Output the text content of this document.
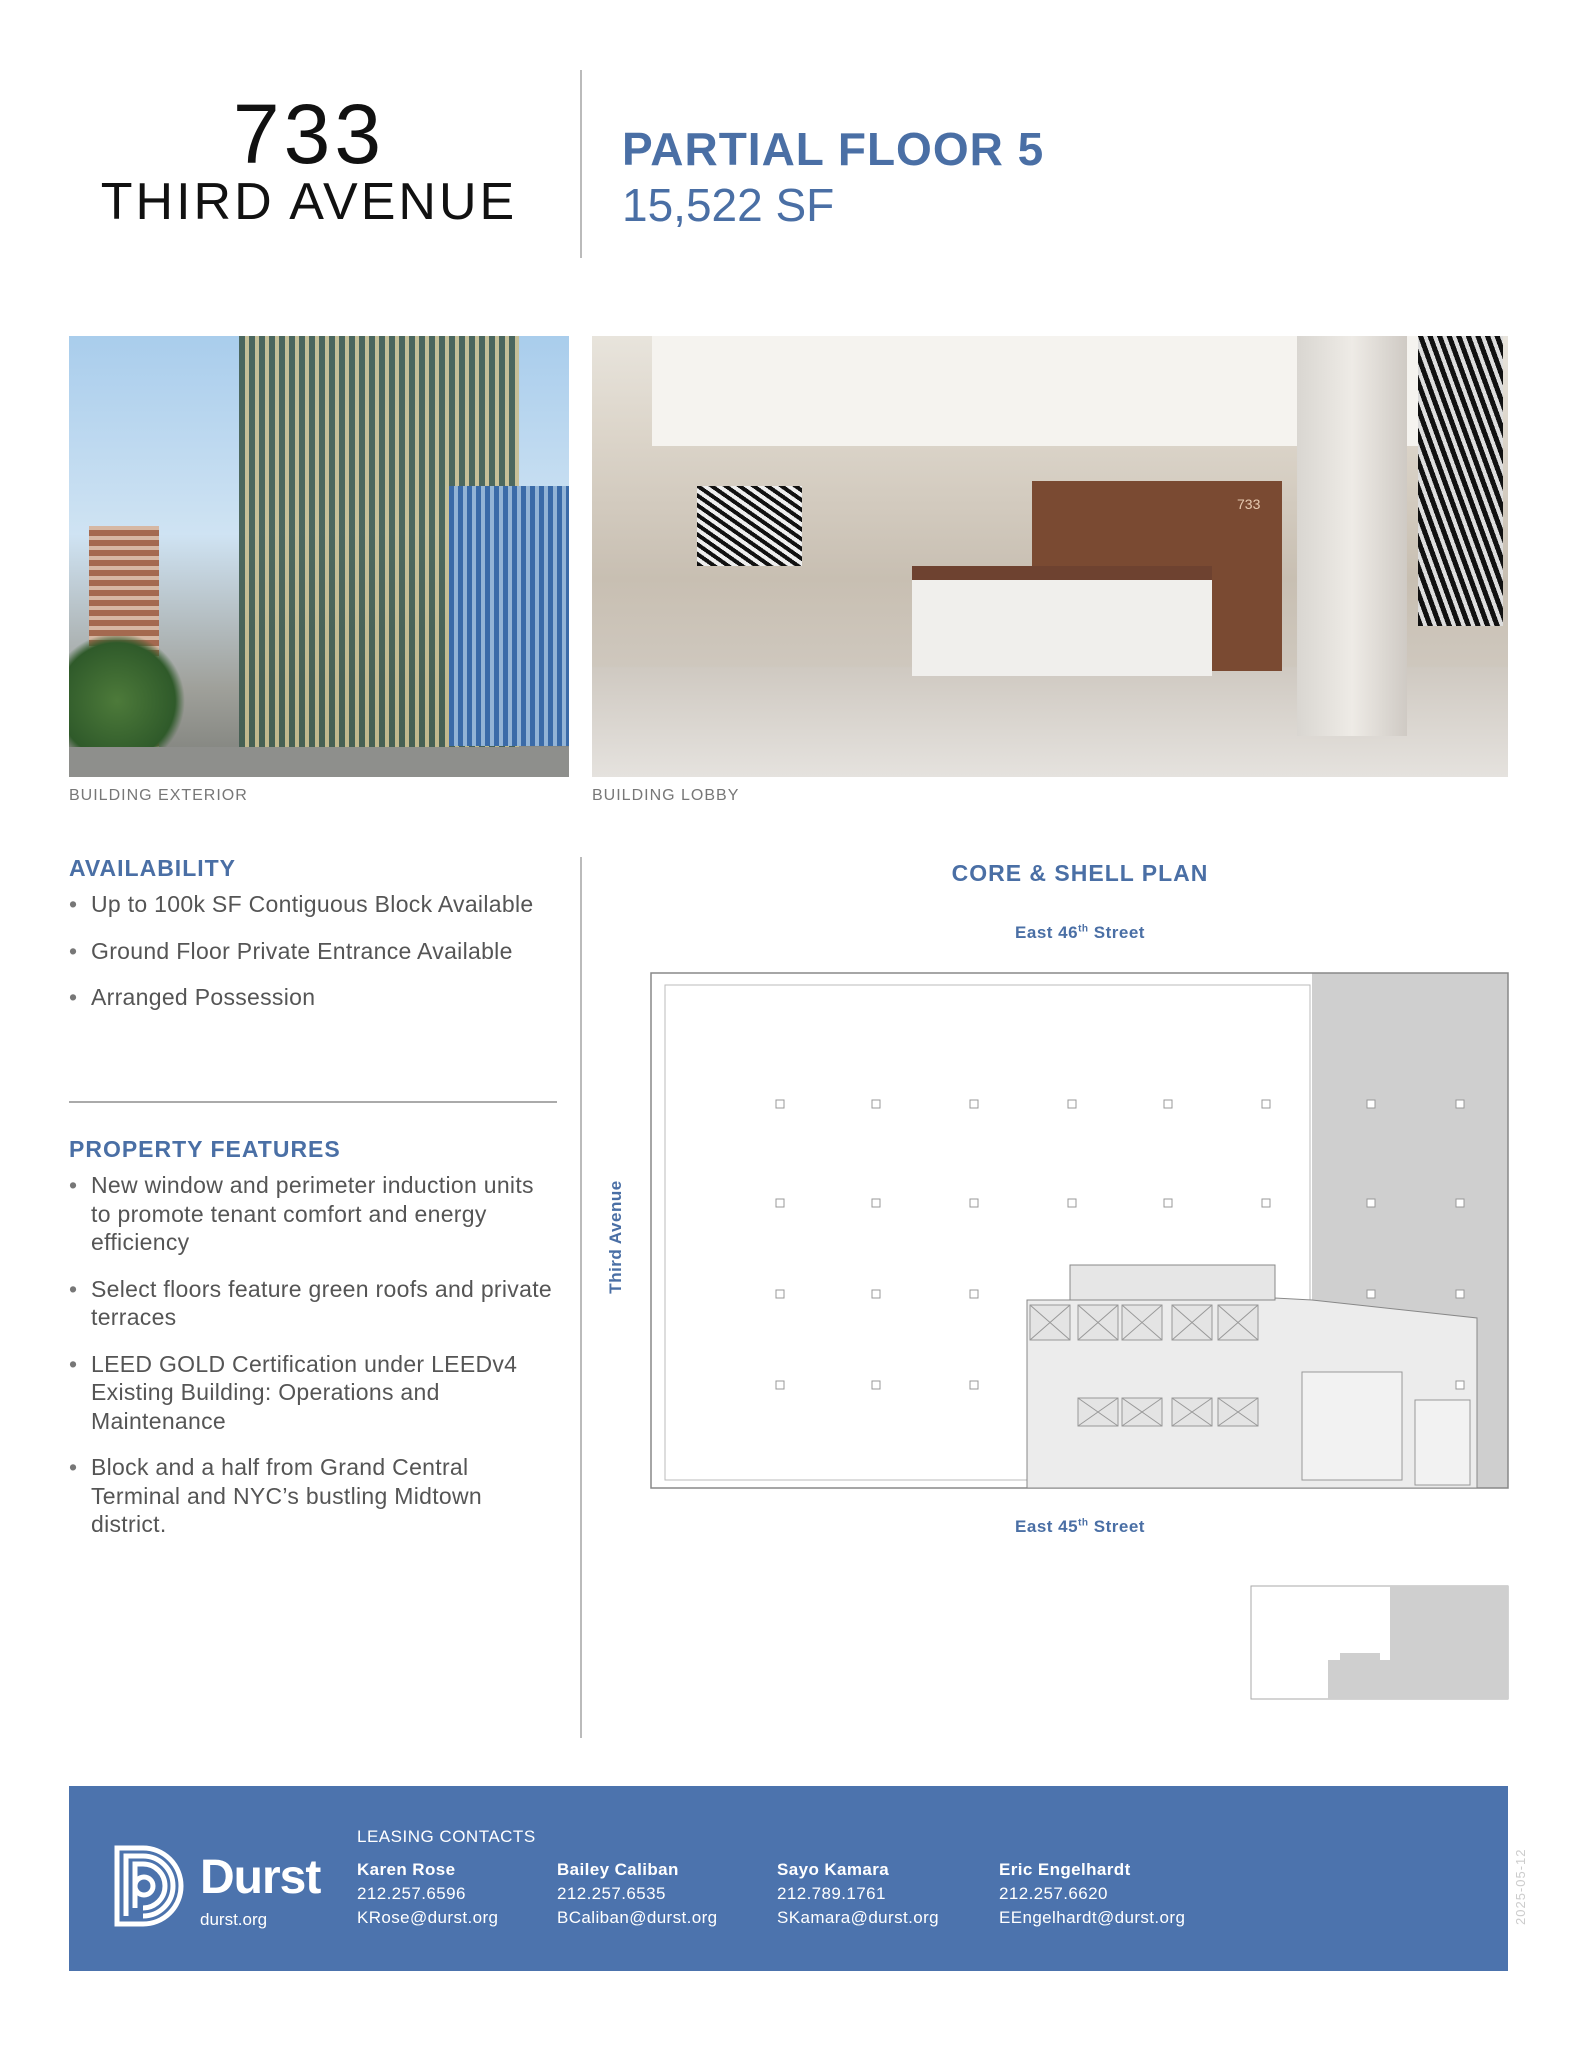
733
THIRD AVENUE
PARTIAL FLOOR 5
15,522 SF
733
BUILDING EXTERIOR	BUILDING LOBBY
AVAILABILITY
• Up to 100k SF Contiguous Block Available
• Ground Floor Private Entrance Available
• Arranged Possession
PROPERTY FEATURES
• New window and perimeter induction units to promote tenant comfort and energy efficiency
• Select floors feature green roofs and private terraces
• LEED GOLD Certification under LEEDv4 Existing Building: Operations and Maintenance
• Block and a half from Grand Central Terminal and NYC’s bustling Midtown district.
CORE & SHELL PLAN
East 46th Street
Third Avenue
East 45th Street
Durst
durst.org
LEASING CONTACTS
Karen Rose
212.257.6596
KRose@durst.org
Bailey Caliban
212.257.6535
BCaliban@durst.org
Sayo Kamara
212.789.1761
SKamara@durst.org
Eric Engelhardt
212.257.6620
EEngelhardt@durst.org	2025-05-12
